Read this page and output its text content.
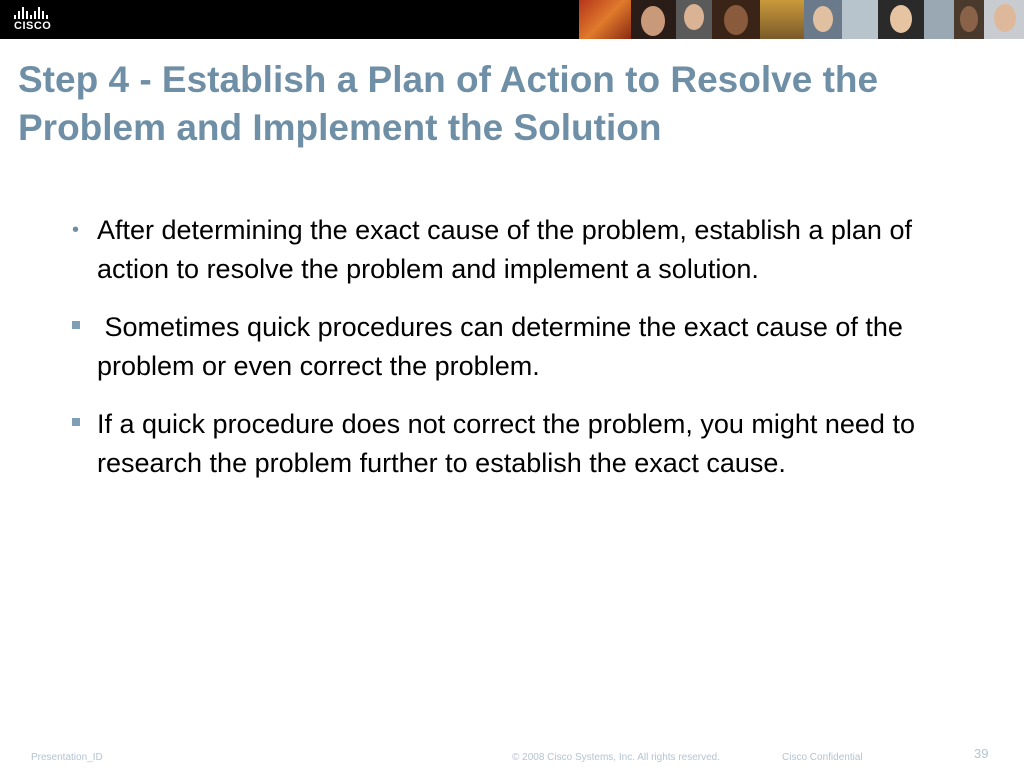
CISCO
Step 4 - Establish a Plan of Action to Resolve the Problem and Implement the Solution
• After determining the exact cause of the problem, establish a plan of action to resolve the problem and implement a solution.
Sometimes quick procedures can determine the exact cause of the problem or even correct the problem.
If a quick procedure does not correct the problem, you might need to research the problem further to establish the exact cause.
Presentation_ID	© 2008 Cisco Systems, Inc. All rights reserved.	Cisco Confidential	39
